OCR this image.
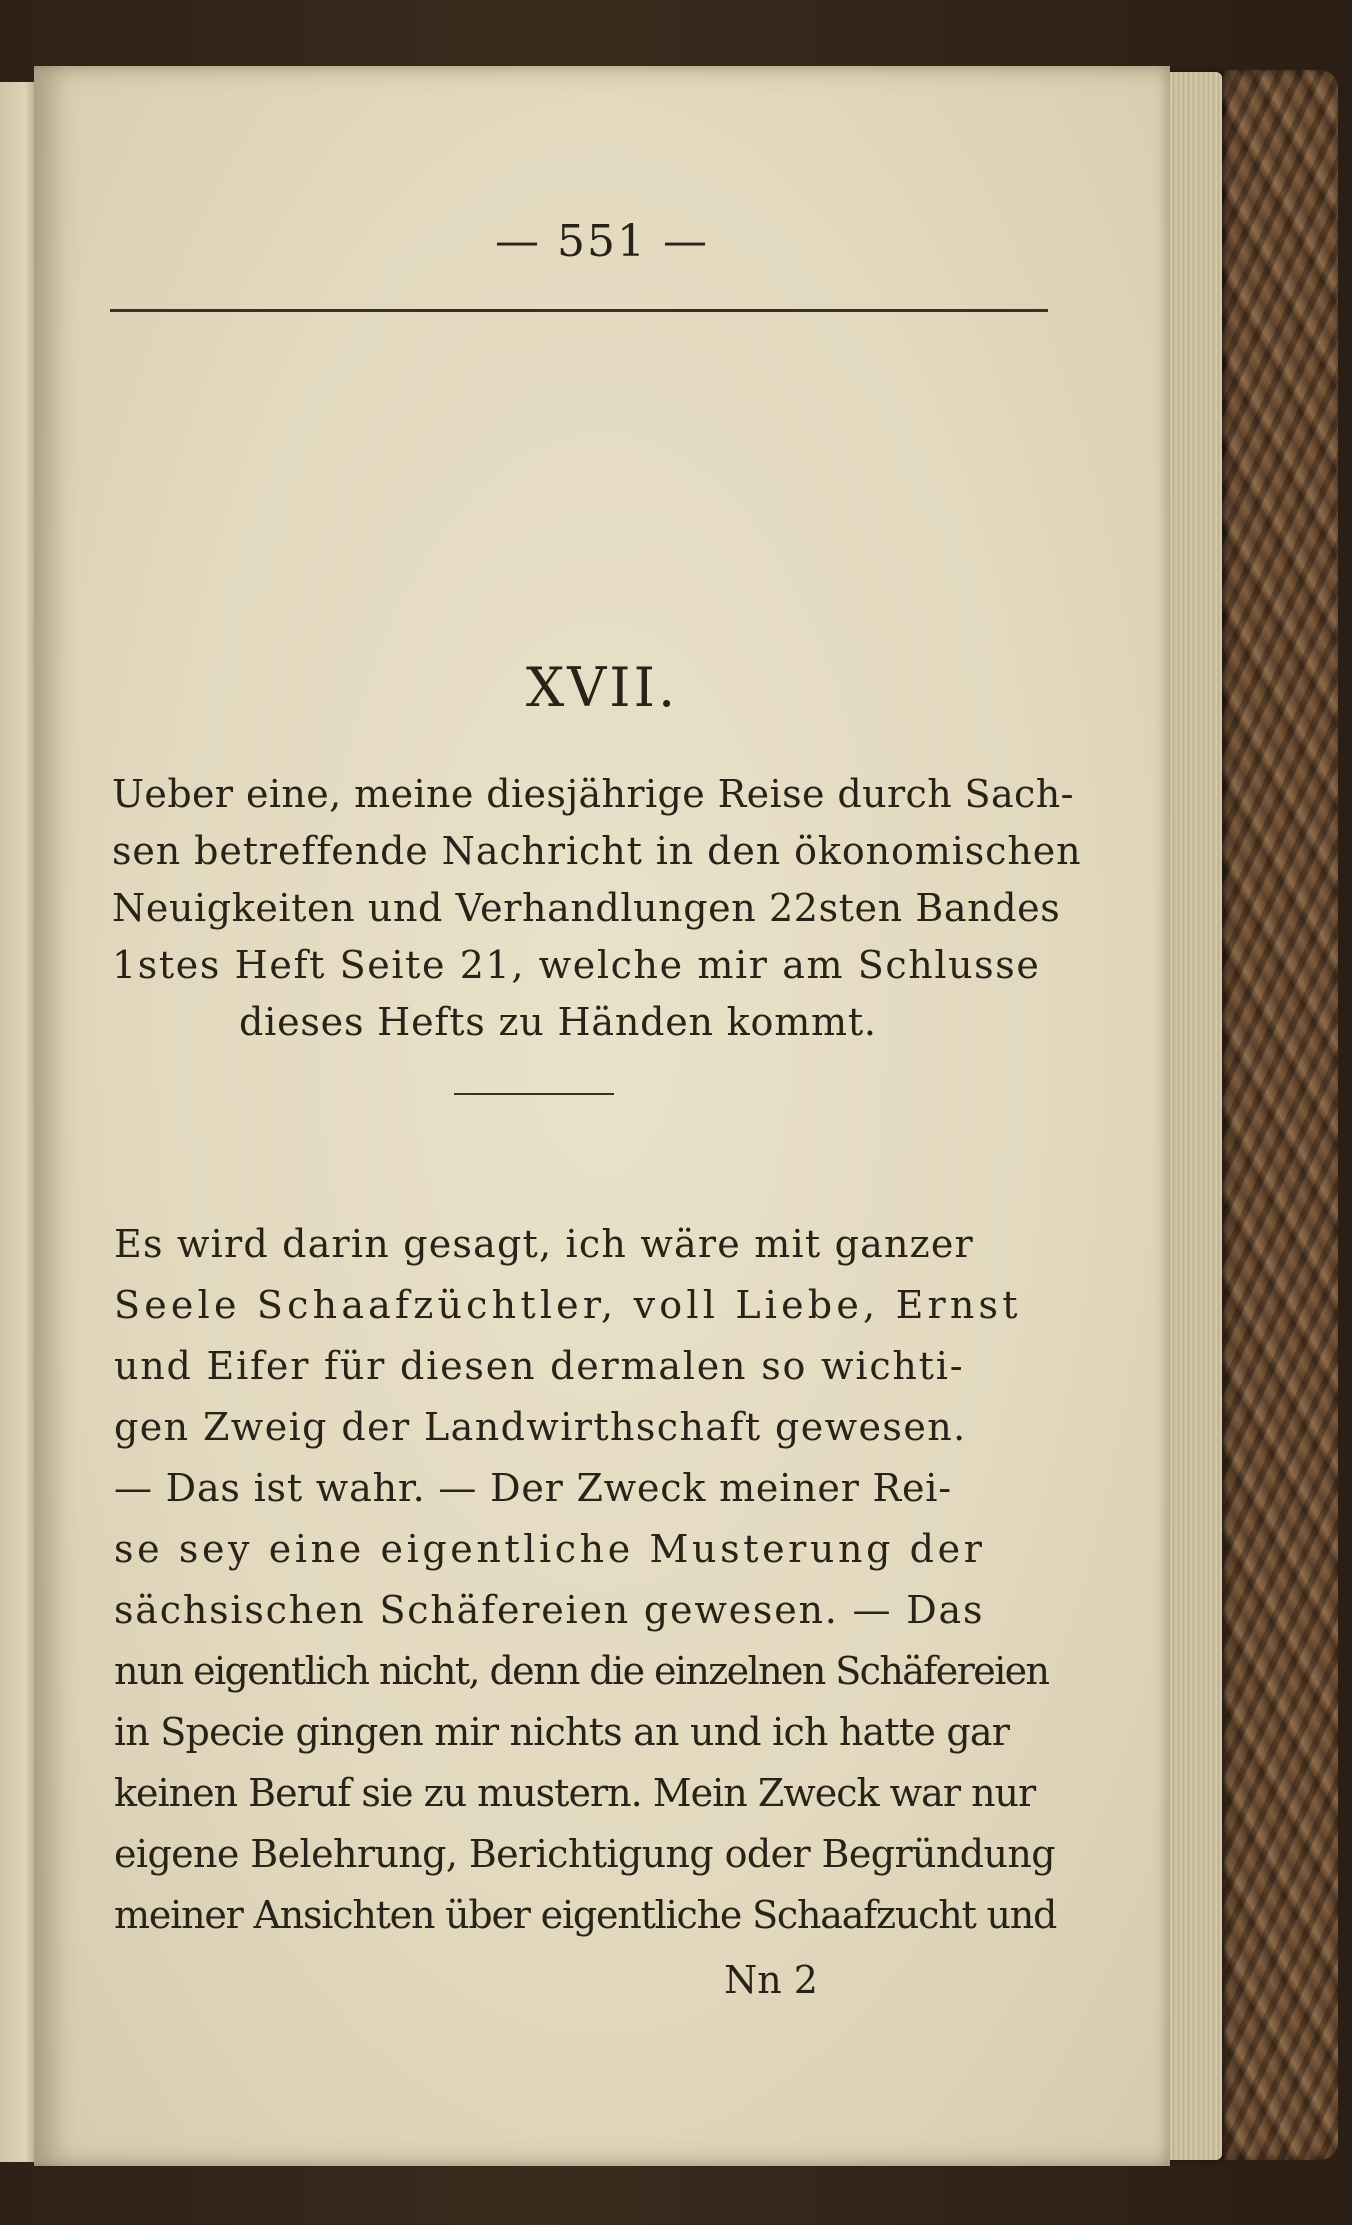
— 551 —
XVII.
Ueber eine, meine diesjährige Reise durch Sach-
sen betreffende Nachricht in den ökonomischen
Neuigkeiten und Verhandlungen 22sten Bandes
1stes Heft Seite 21, welche mir am Schlusse
dieses Hefts zu Händen kommt.
Es wird darin gesagt, ich wäre mit ganzer
Seele Schaafzüchtler, voll Liebe, Ernst
und Eifer für diesen dermalen so wichti-
gen Zweig der Landwirthschaft gewesen.
— Das ist wahr. — Der Zweck meiner Rei-
se sey eine eigentliche Musterung der
sächsischen Schäfereien gewesen. — Das
nun eigentlich nicht, denn die einzelnen Schäfereien
in Specie gingen mir nichts an und ich hatte gar
keinen Beruf sie zu mustern. Mein Zweck war nur
eigene Belehrung, Berichtigung oder Begründung
meiner Ansichten über eigentliche Schaafzucht und
Nn 2
